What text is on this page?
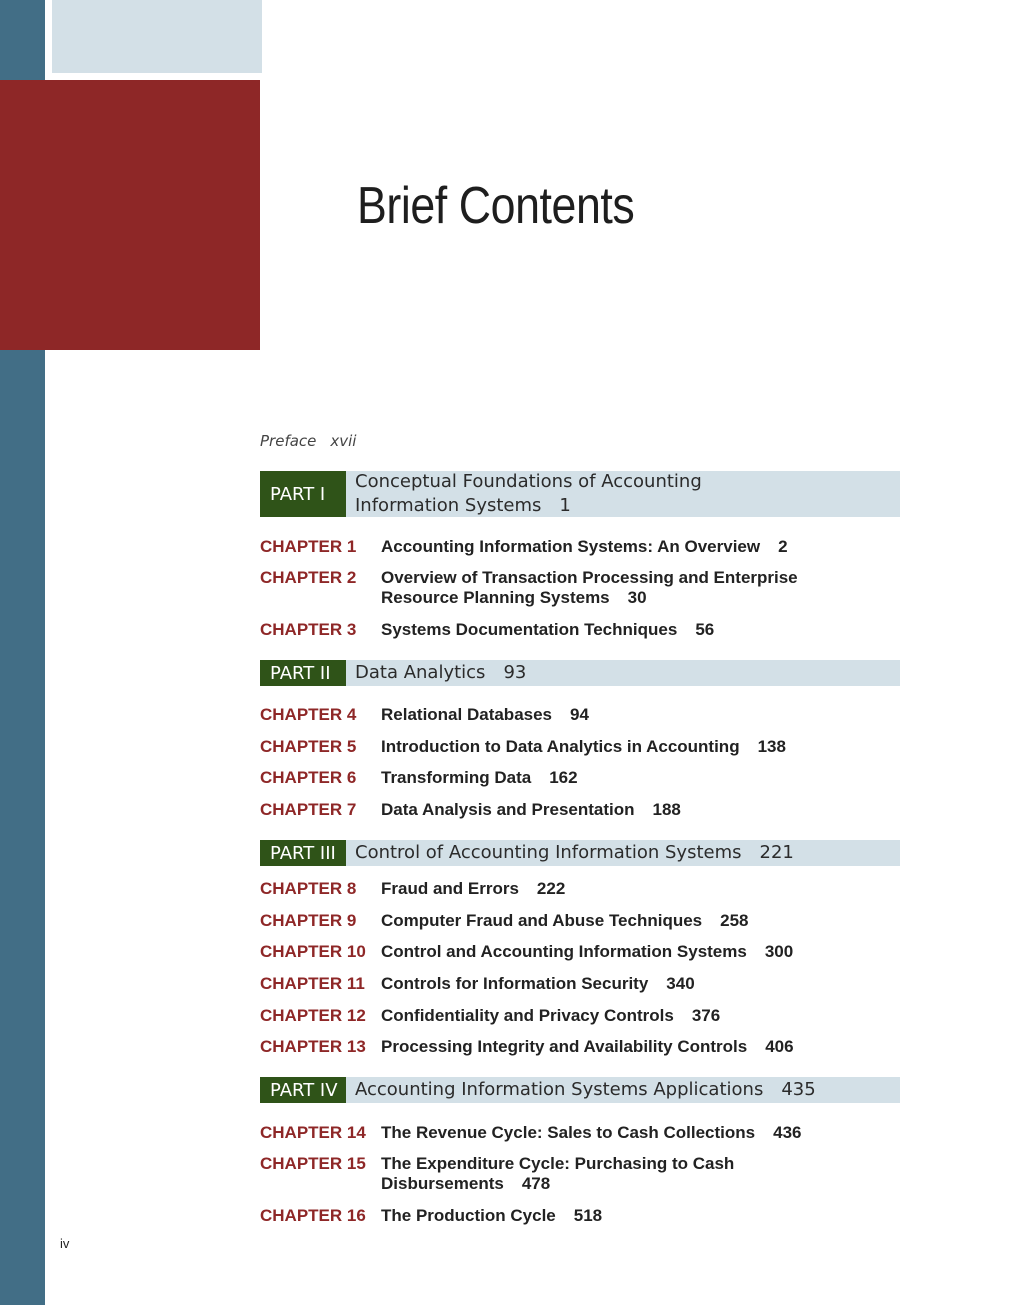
Brief Contents
Preface xvii
PART I
Conceptual Foundations of Accounting Information Systems 1
CHAPTER 1	Accounting Information Systems: An Overview 2
CHAPTER 2	Overview of Transaction Processing and Enterprise Resource Planning Systems 30
CHAPTER 3	Systems Documentation Techniques 56
PART II	Data Analytics 93
CHAPTER 4	Relational Databases 94
CHAPTER 5	Introduction to Data Analytics in Accounting 138
CHAPTER 6	Transforming Data 162
CHAPTER 7	Data Analysis and Presentation 188
PART III	Control of Accounting Information Systems 221
CHAPTER 8	Fraud and Errors 222
CHAPTER 9	Computer Fraud and Abuse Techniques 258
CHAPTER 10 Control and Accounting Information Systems 300
CHAPTER 11 Controls for Information Security 340
CHAPTER 12 Confidentiality and Privacy Controls 376
CHAPTER 13 Processing Integrity and Availability Controls 406
PART IV Accounting Information Systems Applications 435
CHAPTER 14 The Revenue Cycle: Sales to Cash Collections 436
CHAPTER 15 The Expenditure Cycle: Purchasing to Cash Disbursements 478
CHAPTER 16 The Production Cycle 518
iv
